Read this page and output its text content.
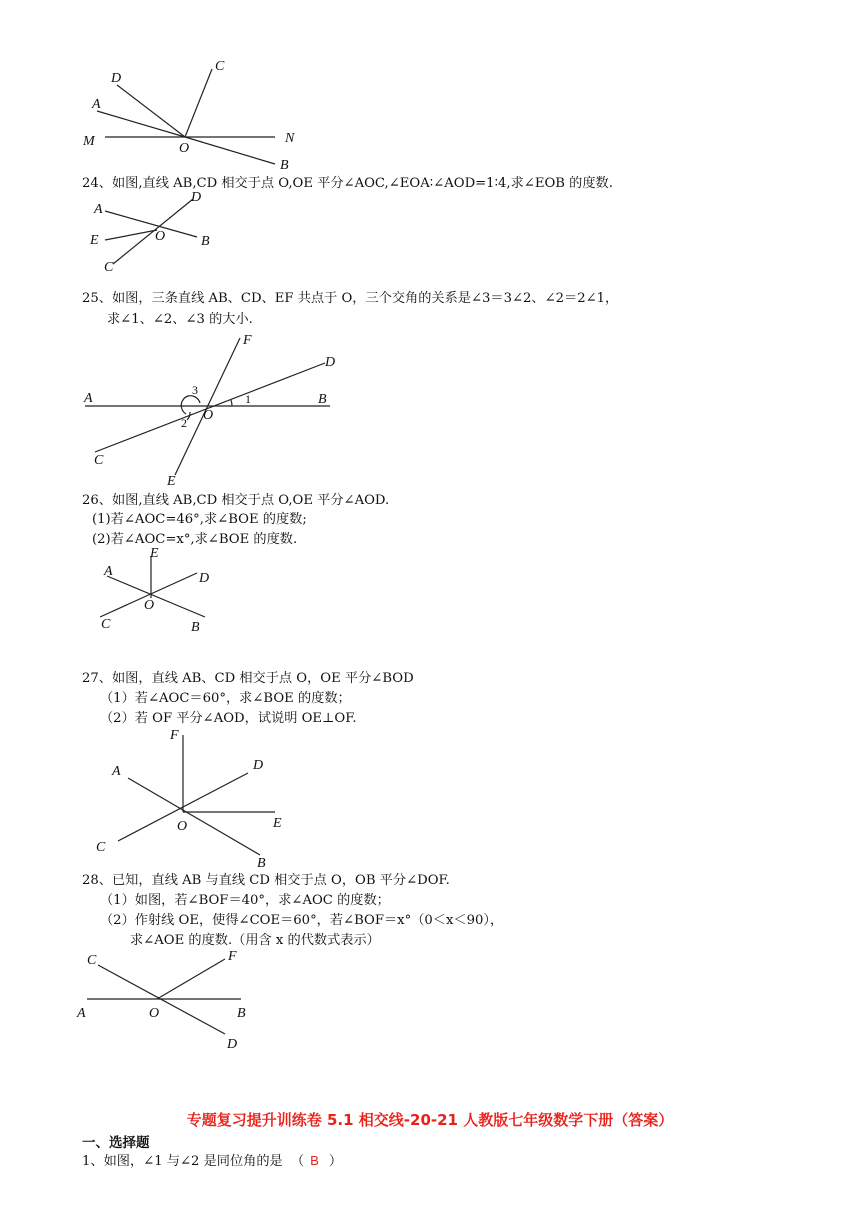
D
C
A
M	O
N
B
24、如图,直线 AB,CD 相交于点 O,OE 平分∠AOC,∠EOA∶∠AOD=1∶4,求∠EOB 的度数.
A
D
E	O	B
C
25、如图，三条直线 AB、CD、EF 共点于 O，三个交角的关系是∠3＝3∠2、∠2＝2∠1，
求∠1、∠2、∠3 的大小.
F
D
A	B
O
C
E
3
2
1
26、如图,直线 AB,CD 相交于点 O,OE 平分∠AOD.
(1)若∠AOC=46°,求∠BOE 的度数;
(2)若∠AOC=x°,求∠BOE 的度数.
E
A	D
O
C	B
27、如图，直线 AB、CD 相交于点 O，OE 平分∠BOD
（1）若∠AOC＝60°，求∠BOE 的度数；
（2）若 OF 平分∠AOD，试说明 OE⊥OF.
F
A	D
O	E
C
B
28、已知，直线 AB 与直线 CD 相交于点 O，OB 平分∠DOF.
（1）如图，若∠BOF＝40°，求∠AOC 的度数；
（2）作射线 OE，使得∠COE＝60°，若∠BOF＝x°（0＜x＜90），
求∠AOE 的度数.（用含 x 的代数式表示）
C	F
A	O	B
D
专题复习提升训练卷 5.1 相交线-20-21 人教版七年级数学下册（答案）
一、选择题
1、如图，∠1 与∠2 是同位角的是 （ B ）
